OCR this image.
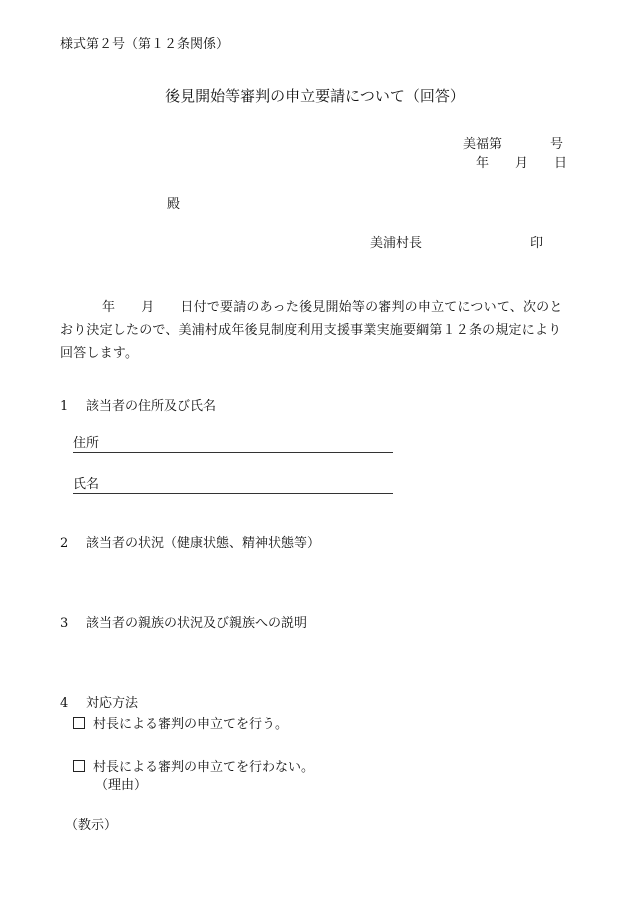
様式第２号（第１２条関係）
後見開始等審判の申立要請について（回答）
美福第	号
年 月 日
殿
美浦村長	印
年 月 日付で要請のあった後見開始等の審判の申立てについて、次のとおり決定したので、美浦村成年後見制度利用支援事業実施要綱第１２条の規定により回答します。
1 該当者の住所及び氏名
住所
氏名
2 該当者の状況（健康状態、精神状態等）
3 該当者の親族の状況及び親族への説明
4 対応方法
村長による審判の申立てを行う。
村長による審判の申立てを行わない。
（理由）
（教示）
